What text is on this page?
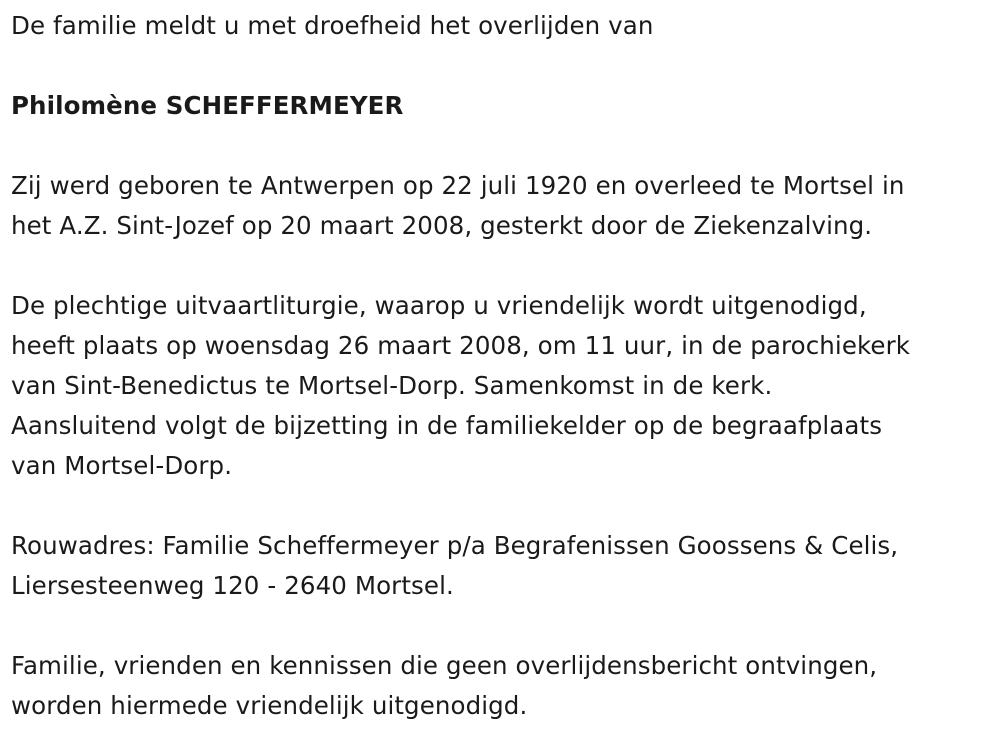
De familie meldt u met droefheid het overlijden van

Philomène SCHEFFERMEYER

Zij werd geboren te Antwerpen op 22 juli 1920 en overleed te Mortsel in
het A.Z. Sint-Jozef op 20 maart 2008, gesterkt door de Ziekenzalving.

De plechtige uitvaartliturgie, waarop u vriendelijk wordt uitgenodigd,
heeft plaats op woensdag 26 maart 2008, om 11 uur, in de parochiekerk
van Sint-Benedictus te Mortsel-Dorp. Samenkomst in de kerk.
Aansluitend volgt de bijzetting in de familiekelder op de begraafplaats
van Mortsel-Dorp.

Rouwadres: Familie Scheffermeyer p/a Begrafenissen Goossens & Celis,
Liersesteenweg 120 - 2640 Mortsel.

Familie, vrienden en kennissen die geen overlijdensbericht ontvingen,
worden hiermede vriendelijk uitgenodigd.
